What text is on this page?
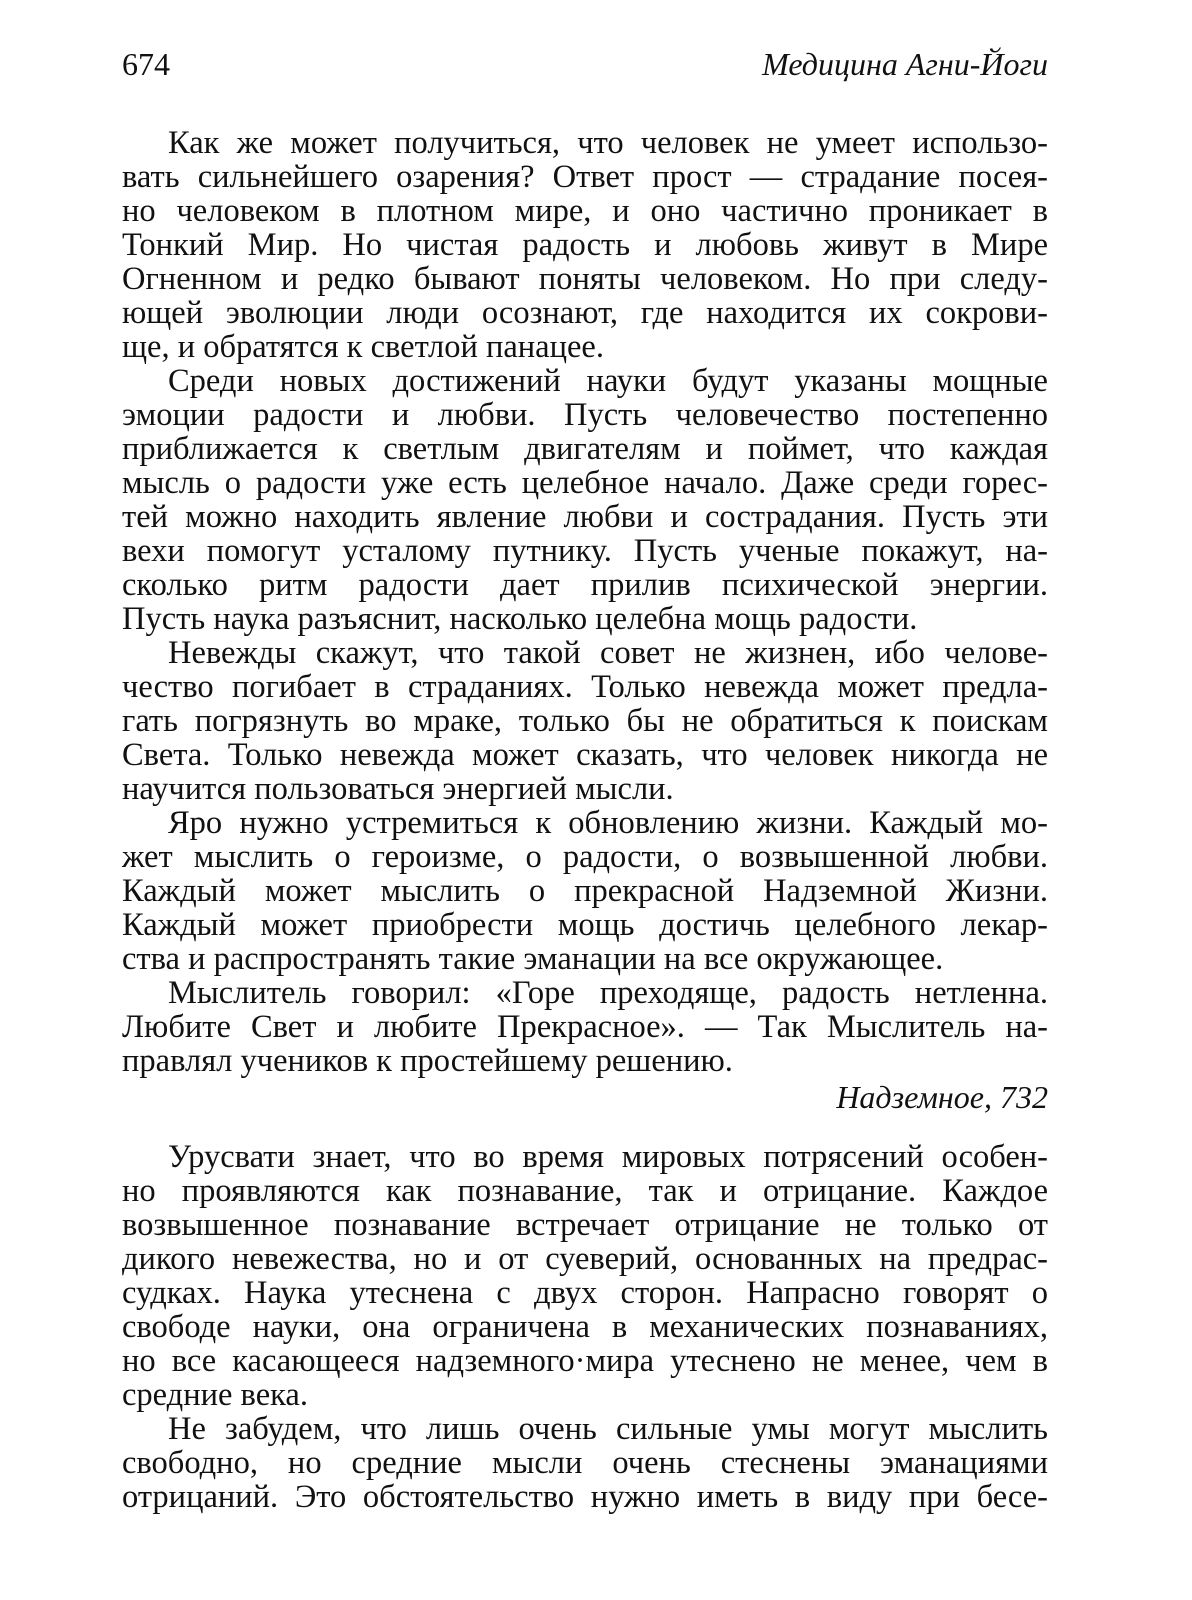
674	Медицина Агни-Йоги
Как же может получиться, что человек не умеет использо-
вать сильнейшего озарения? Ответ прост — страдание посея-
но человеком в плотном мире, и оно частично проникает в
Тонкий Мир. Но чистая радость и любовь живут в Мире
Огненном и редко бывают поняты человеком. Но при следу-
ющей эволюции люди осознают, где находится их сокрови-
ще, и обратятся к светлой панацее.
Среди новых достижений науки будут указаны мощные
эмоции радости и любви. Пусть человечество постепенно
приближается к светлым двигателям и поймет, что каждая
мысль о радости уже есть целебное начало. Даже среди горес-
тей можно находить явление любви и сострадания. Пусть эти
вехи помогут усталому путнику. Пусть ученые покажут, на-
сколько ритм радости дает прилив психической энергии.
Пусть наука разъяснит, насколько целебна мощь радости.
Невежды скажут, что такой совет не жизнен, ибо челове-
чество погибает в страданиях. Только невежда может предла-
гать погрязнуть во мраке, только бы не обратиться к поискам
Света. Только невежда может сказать, что человек никогда не
научится пользоваться энергией мысли.
Яро нужно устремиться к обновлению жизни. Каждый мо-
жет мыслить о героизме, о радости, о возвышенной любви.
Каждый может мыслить о прекрасной Надземной Жизни.
Каждый может приобрести мощь достичь целебного лекар-
ства и распространять такие эманации на все окружающее.
Мыслитель говорил: «Горе преходяще, радость нетленна.
Любите Свет и любите Прекрасное». — Так Мыслитель на-
правлял учеников к простейшему решению.
Надземное, 732
Урусвати знает, что во время мировых потрясений особен-
но проявляются как познавание, так и отрицание. Каждое
возвышенное познавание встречает отрицание не только от
дикого невежества, но и от суеверий, основанных на предрас-
судках. Наука утеснена с двух сторон. Напрасно говорят о
свободе науки, она ограничена в механических познаваниях,
но все касающееся надземного·мира утеснено не менее, чем в
средние века.
Не забудем, что лишь очень сильные умы могут мыслить
свободно, но средние мысли очень стеснены эманациями
отрицаний. Это обстоятельство нужно иметь в виду при бесе-
